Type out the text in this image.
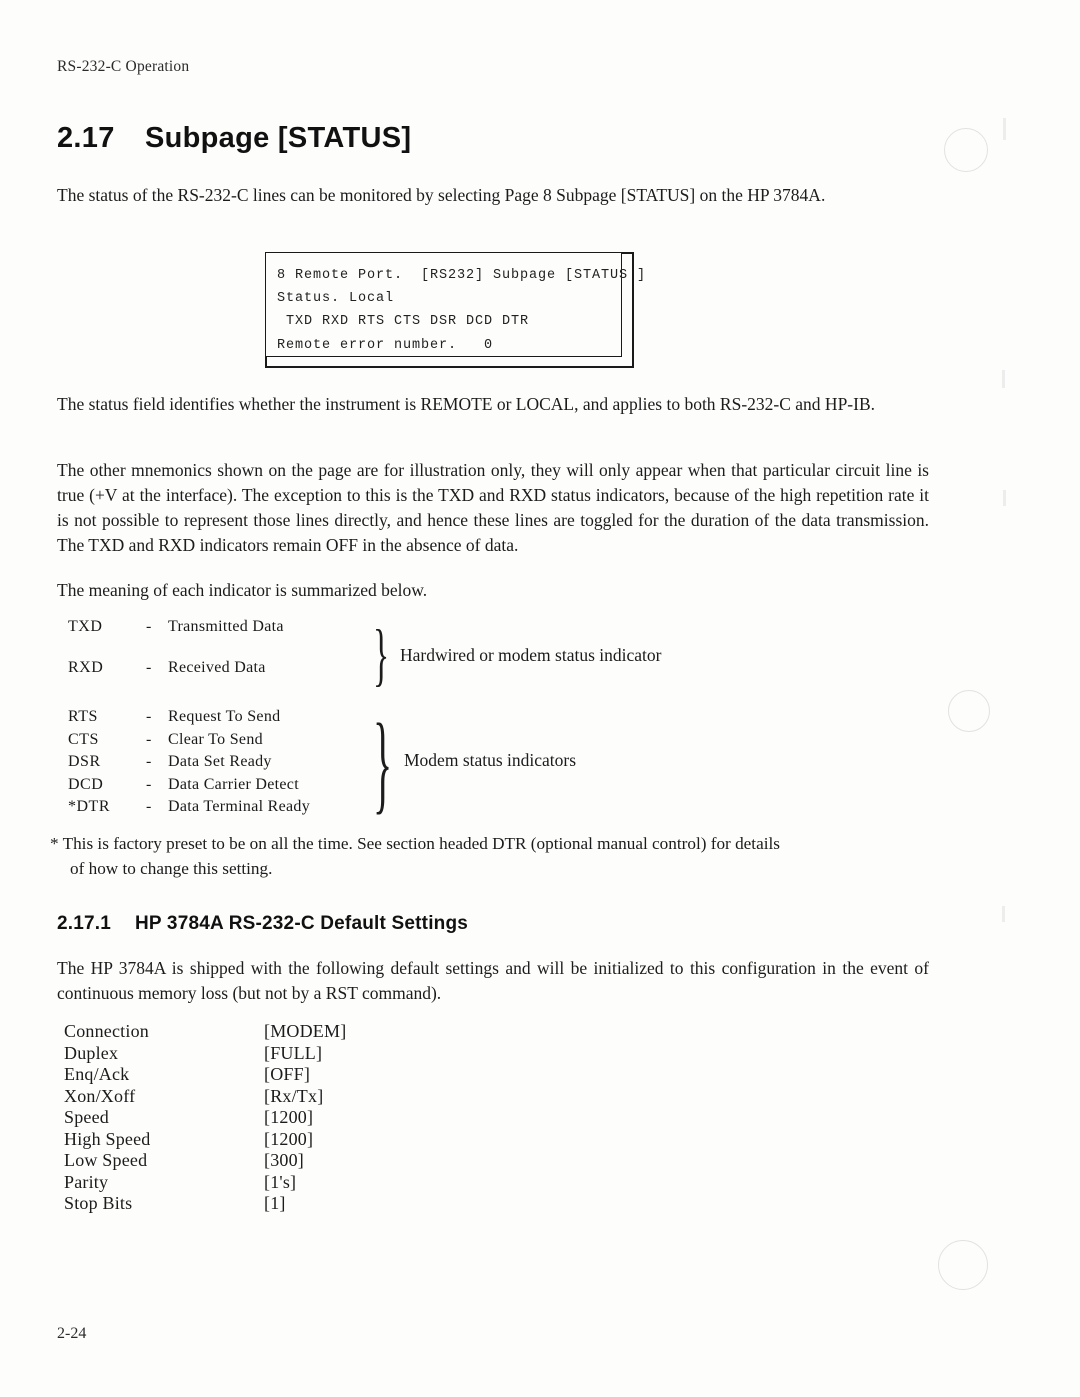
RS-232-C Operation
2.17 Subpage [STATUS]
The status of the RS-232-C lines can be monitored by selecting Page 8 Subpage [STATUS] on the HP 3784A.
8 Remote Port.  [RS232] Subpage [STATUS ]
Status. Local
TXD RXD RTS CTS DSR DCD DTR
Remote error number.   0
The status field identifies whether the instrument is REMOTE or LOCAL, and applies to both RS-232-C and HP-IB.
The other mnemonics shown on the page are for illustration only, they will only appear when that particular circuit line is true (+V at the interface). The exception to this is the TXD and RXD status indicators, because of the high repetition rate it is not possible to represent those lines directly, and hence these lines are toggled for the duration of the data transmission. The TXD and RXD indicators remain OFF in the absence of data.
The meaning of each indicator is summarized below.
TXD	-	Transmitted Data
RXD	-	Received Data	} Hardwired or modem status indicator
RTS	-	Request To Send
CTS	-	Clear To Send
DSR	-	Data Set Ready
DCD	-	Data Carrier Detect
*DTR	-	Data Terminal Ready } Modem status indicators
* This is factory preset to be on all the time. See section headed DTR (optional manual control) for details
of how to change this setting.
2.17.1 HP 3784A RS-232-C Default Settings
The HP 3784A is shipped with the following default settings and will be initialized to this configuration in the event of continuous memory loss (but not by a RST command).
Connection	[MODEM]
Duplex	[FULL]
Enq/Ack	[OFF]
Xon/Xoff	[Rx/Tx]
Speed	[1200]
High Speed	[1200]
Low Speed	[300]
Parity	[1's]
Stop Bits	[1]
2-24
